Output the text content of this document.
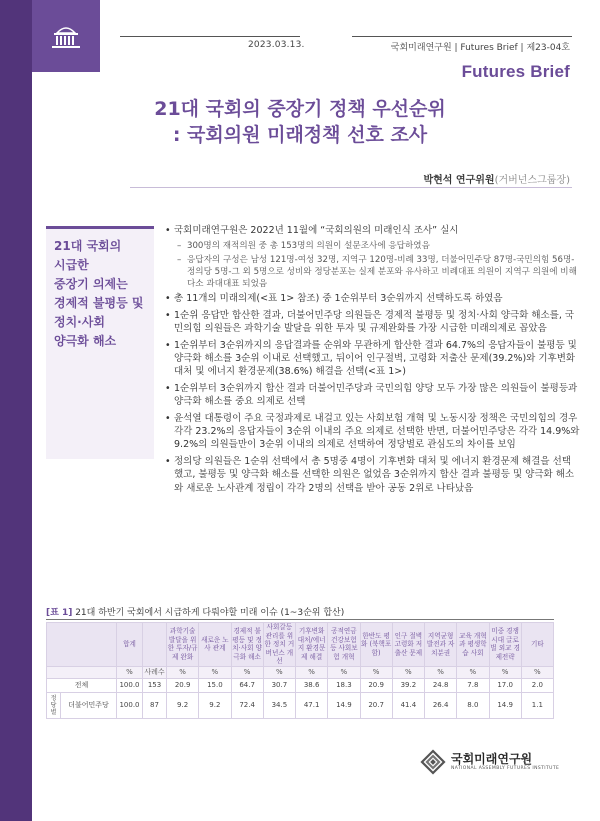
2023.03.13.	국회미래연구원 | Futures Brief | 제23-04호
Futures Brief
21대 국회의 중장기 정책 우선순위
: 국회의원 미래정책 선호 조사
박현석 연구위원(거버넌스그룹장)
21대 국회의
시급한
중장기 의제는
경제적 불평등 및
정치·사회
양극화 해소
• 국회미래연구원은 2022년 11월에 “국회의원의 미래인식 조사” 실시
– 300명의 재적의원 중 총 153명의 의원이 설문조사에 응답하였음
– 응답자의 구성은 남성 121명-여성 32명, 지역구 120명-비례 33명, 더불어민주당 87명-국민의힘 56명-정의당 5명-그 외 5명으로 성비와 정당분포는 실제 분포와 유사하고 비례대표 의원이 지역구 의원에 비해 다소 과대대표 되었음
• 총 11개의 미래의제(<표 1> 참조) 중 1순위부터 3순위까지 선택하도록 하였음
• 1순위 응답만 합산한 결과, 더불어민주당 의원들은 경제적 불평등 및 정치·사회 양극화 해소를, 국민의힘 의원들은 과학기술 발달을 위한 투자 및 규제완화를 가장 시급한 미래의제로 꼽았음
• 1순위부터 3순위까지의 응답결과를 순위와 무관하게 합산한 결과 64.7%의 응답자들이 불평등 및 양극화 해소를 3순위 이내로 선택했고, 뒤이어 인구절벽, 고령화 저출산 문제(39.2%)와 기후변화 대처 및 에너지 환경문제(38.6%) 해결을 선택(<표 1>)
• 1순위부터 3순위까지 합산 결과 더불어민주당과 국민의힘 양당 모두 가장 많은 의원들이 불평등과 양극화 해소를 중요 의제로 선택
• 윤석열 대통령이 주요 국정과제로 내걸고 있는 사회보험 개혁 및 노동시장 정책은 국민의힘의 경우 각각 23.2%의 응답자들이 3순위 이내의 주요 의제로 선택한 반면, 더불어민주당은 각각 14.9%와 9.2%의 의원들만이 3순위 이내의 의제로 선택하여 정당별로 관심도의 차이를 보임
• 정의당 의원들은 1순위 선택에서 총 5명중 4명이 기후변화 대처 및 에너지 환경문제 해결을 선택했고, 불평등 및 양극화 해소를 선택한 의원은 없었음 3순위까지 합산 결과 불평등 및 양극화 해소와 새로운 노사관계 정립이 각각 2명의 선택을 받아 공동 2위로 나타났음
[표 1] 21대 하반기 국회에서 시급하게 다뤄야할 미래 이슈 (1~3순위 합산)
		합계		과학기술 발달을 위한 투자/규제 완화	새로운 노사 관계	경제적 불평등 및 정치·사회 양극화 해소	사회갈등 관리를 위한 정치 거버넌스 개선	기후변화 대처/에너지 환경문제 해결	공적연금 건강보험 등 사회보험 개혁	한반도 평화 (북핵포함)	인구 절벽 고령화 저출산 문제	지역균형 발전과 자치분권	교육 개혁과 평생학습 사회	미중 경쟁시대 글로벌 외교 경제전략	기타
		%	사례수	%	%	%	%	%	%	%	%	%	%	%	%
전체		100.0	153	20.9	15.0	64.7	30.7	38.6	18.3	20.9	39.2	24.8	7.8	17.0	2.0
정당별	더불어민주당	100.0	87	9.2	9.2	72.4	34.5	47.1	14.9	20.7	41.4	26.4	8.0	14.9	1.1
국회미래연구원
NATIONAL ASSEMBLY FUTURES INSTITUTE
